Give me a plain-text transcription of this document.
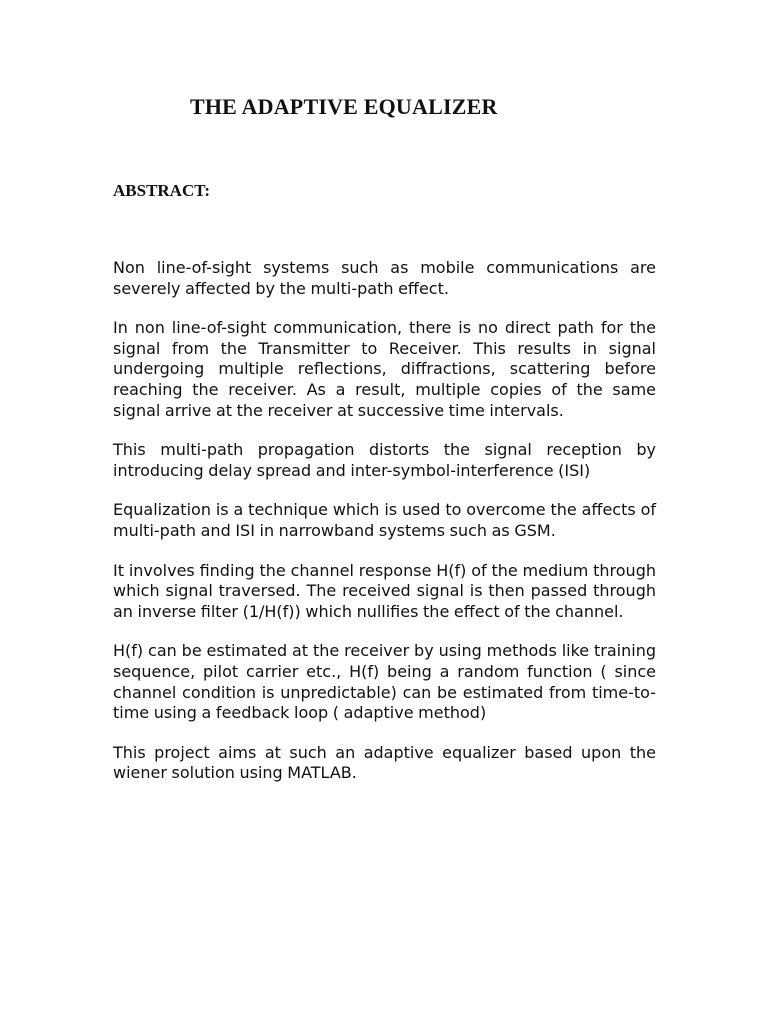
THE ADAPTIVE EQUALIZER
ABSTRACT:

Non line-of-sight systems such as mobile communications are severely affected by the multi-path effect.

In non line-of-sight communication, there is no direct path for the signal from the Transmitter to Receiver. This results in signal undergoing multiple reflections, diffractions, scattering before reaching the receiver. As a result, multiple copies of the same signal arrive at the receiver at successive time intervals.

This multi-path propagation distorts the signal reception by introducing delay spread and inter-symbol-interference (ISI)

Equalization is a technique which is used to overcome the affects of multi-path and ISI in narrowband systems such as GSM.

It involves finding the channel response H(f) of the medium through which signal traversed. The received signal is then passed through an inverse filter (1/H(f)) which nullifies the effect of the channel.

H(f) can be estimated at the receiver by using methods like training sequence, pilot carrier etc., H(f) being a random function ( since channel condition is unpredictable) can be estimated from time-to-time using a feedback loop ( adaptive method)

This project aims at such an adaptive equalizer based upon the wiener solution using MATLAB.
